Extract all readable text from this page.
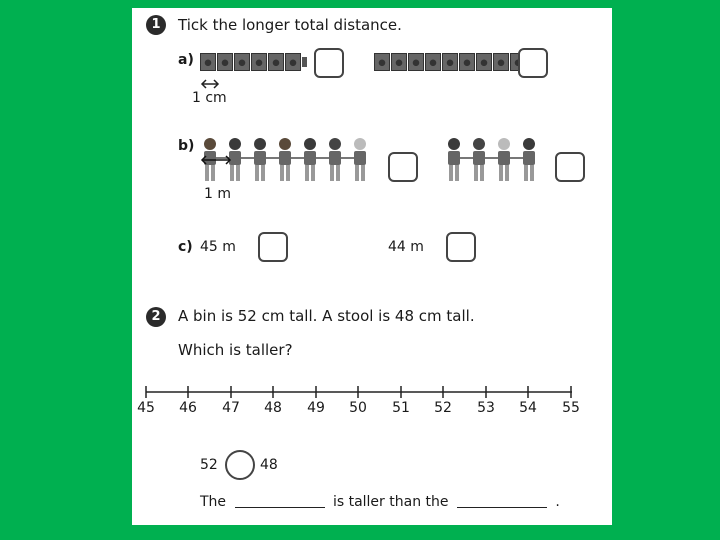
1	Tick the longer total distance.
a)
1 cm
b)
1 m
c) 45 m	44 m
2	A bin is 52 cm tall. A stool is 48 cm tall.
Which is taller?
45 46 47 48 49 50 51 52 53 54 55
52	48
The	is taller than the	.
